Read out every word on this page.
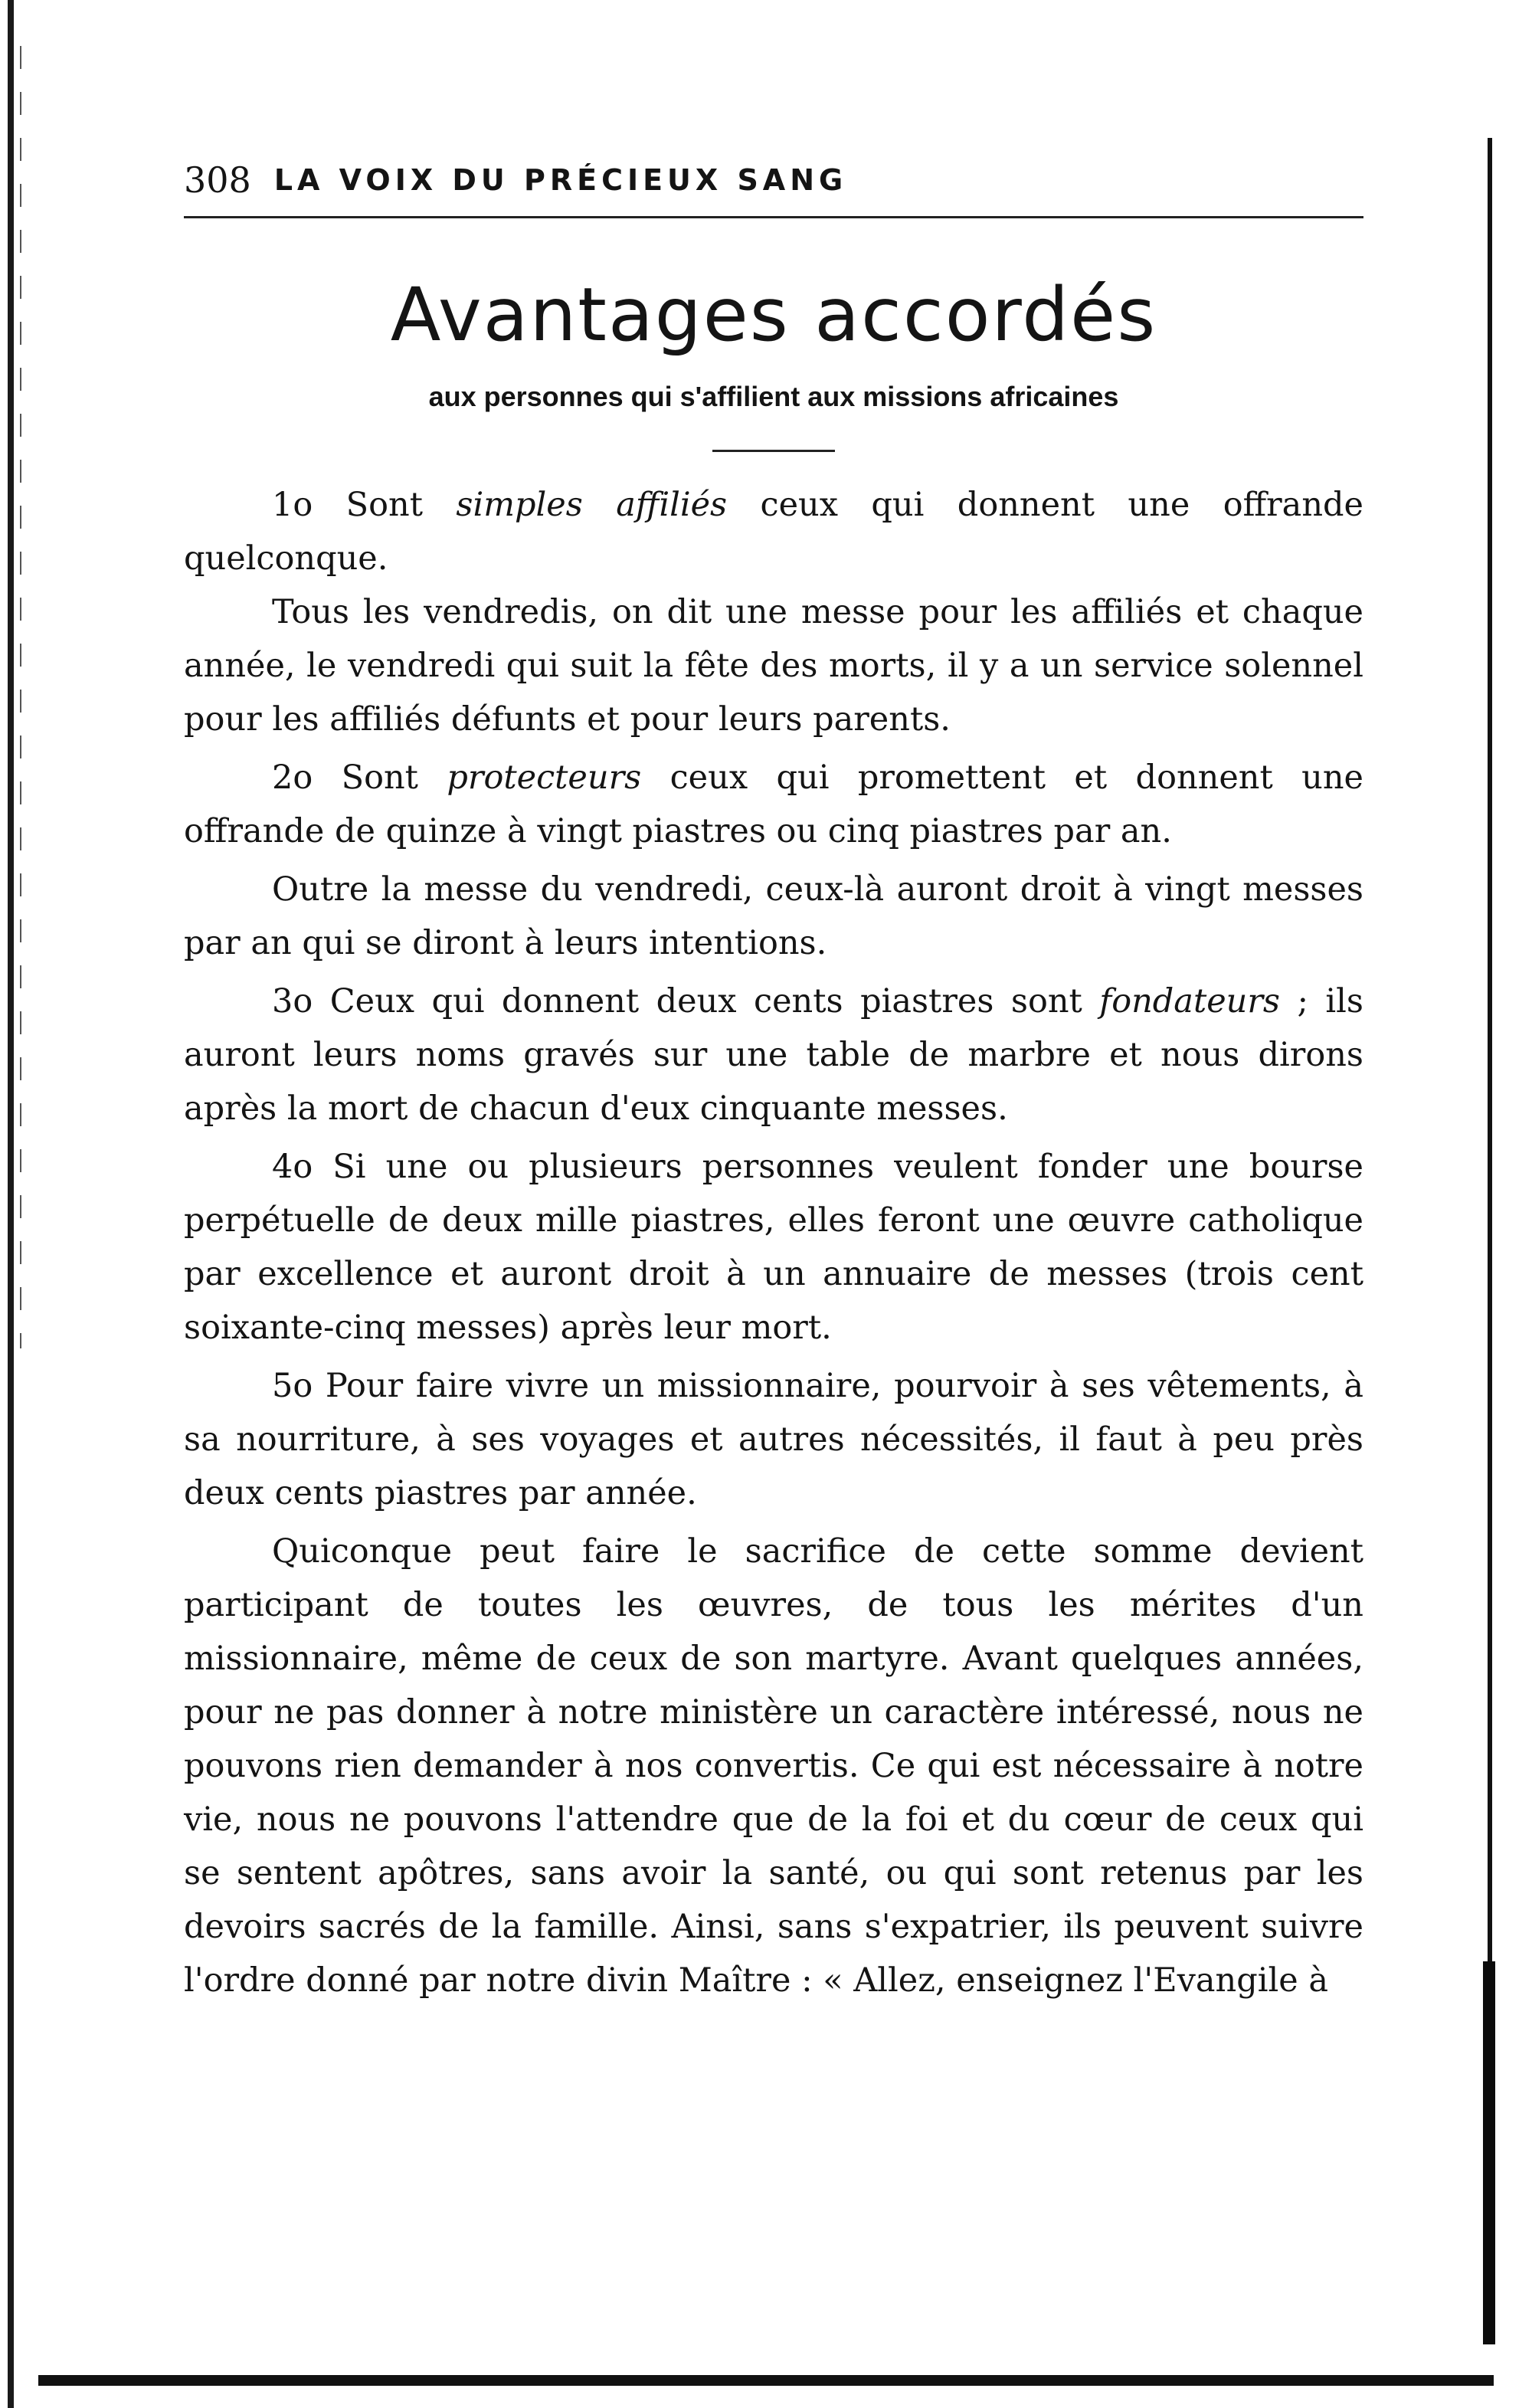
308 LA VOIX DU PRÉCIEUX SANG
Avantages accordés
aux personnes qui s'affilient aux missions africaines

1o Sont simples affiliés ceux qui donnent une offrande quelconque.

Tous les vendredis, on dit une messe pour les affiliés et chaque année, le vendredi qui suit la fête des morts, il y a un service solennel pour les affiliés défunts et pour leurs parents.

2o Sont protecteurs ceux qui promettent et donnent une offrande de quinze à vingt piastres ou cinq piastres par an.

Outre la messe du vendredi, ceux-là auront droit à vingt messes par an qui se diront à leurs intentions.

3o Ceux qui donnent deux cents piastres sont fondateurs ; ils auront leurs noms gravés sur une table de marbre et nous dirons après la mort de chacun d'eux cinquante messes.

4o Si une ou plusieurs personnes veulent fonder une bourse perpétuelle de deux mille piastres, elles feront une œuvre catholique par excellence et auront droit à un annuaire de messes (trois cent soixante-cinq messes) après leur mort.

5o Pour faire vivre un missionnaire, pourvoir à ses vêtements, à sa nourriture, à ses voyages et autres nécessités, il faut à peu près deux cents piastres par année.

Quiconque peut faire le sacrifice de cette somme devient participant de toutes les œuvres, de tous les mérites d'un missionnaire, même de ceux de son martyre. Avant quelques années, pour ne pas donner à notre ministère un caractère intéressé, nous ne pouvons rien demander à nos convertis. Ce qui est nécessaire à notre vie, nous ne pouvons l'attendre que de la foi et du cœur de ceux qui se sentent apôtres, sans avoir la santé, ou qui sont retenus par les devoirs sacrés de la famille. Ainsi, sans s'expatrier, ils peuvent suivre l'ordre donné par notre divin Maître : « Allez, enseignez l'Evangile à
